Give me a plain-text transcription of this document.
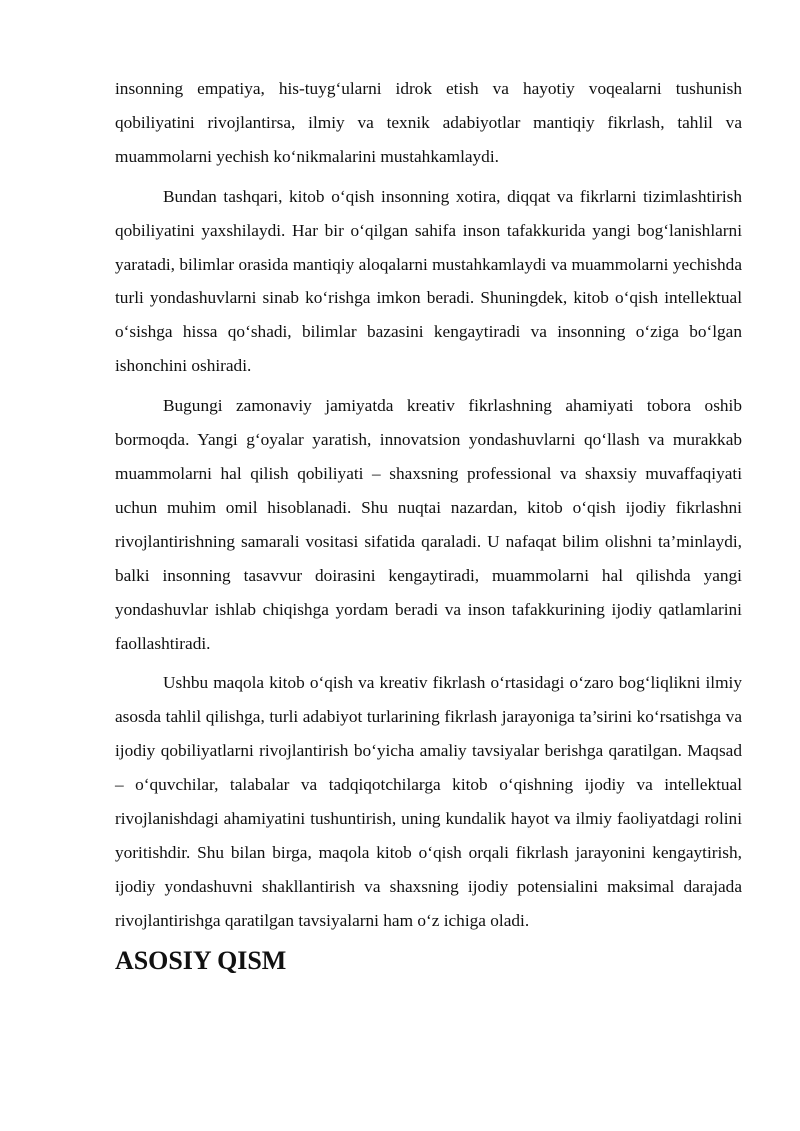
insonning empatiya, his-tuyg‘ularni idrok etish va hayotiy voqealarni tushunish qobiliyatini rivojlantirsa, ilmiy va texnik adabiyotlar mantiqiy fikrlash, tahlil va muammolarni yechish ko‘nikmalarini mustahkamlaydi.

Bundan tashqari, kitob o‘qish insonning xotira, diqqat va fikrlarni tizimlashtirish qobiliyatini yaxshilaydi. Har bir o‘qilgan sahifa inson tafakkurida yangi bog‘lanishlarni yaratadi, bilimlar orasida mantiqiy aloqalarni mustahkamlaydi va muammolarni yechishda turli yondashuvlarni sinab ko‘rishga imkon beradi. Shuningdek, kitob o‘qish intellektual o‘sishga hissa qo‘shadi, bilimlar bazasini kengaytiradi va insonning o‘ziga bo‘lgan ishonchini oshiradi.

Bugungi zamonaviy jamiyatda kreativ fikrlashning ahamiyati tobora oshib bormoqda. Yangi g‘oyalar yaratish, innovatsion yondashuvlarni qo‘llash va murakkab muammolarni hal qilish qobiliyati – shaxsning professional va shaxsiy muvaffaqiyati uchun muhim omil hisoblanadi. Shu nuqtai nazardan, kitob o‘qish ijodiy fikrlashni rivojlantirishning samarali vositasi sifatida qaraladi. U nafaqat bilim olishni ta’minlaydi, balki insonning tasavvur doirasini kengaytiradi, muammolarni hal qilishda yangi yondashuvlar ishlab chiqishga yordam beradi va inson tafakkurining ijodiy qatlamlarini faollashtiradi.

Ushbu maqola kitob o‘qish va kreativ fikrlash o‘rtasidagi o‘zaro bog‘liqlikni ilmiy asosda tahlil qilishga, turli adabiyot turlarining fikrlash jarayoniga ta’sirini ko‘rsatishga va ijodiy qobiliyatlarni rivojlantirish bo‘yicha amaliy tavsiyalar berishga qaratilgan. Maqsad – o‘quvchilar, talabalar va tadqiqotchilarga kitob o‘qishning ijodiy va intellektual rivojlanishdagi ahamiyatini tushuntirish, uning kundalik hayot va ilmiy faoliyatdagi rolini yoritishdir. Shu bilan birga, maqola kitob o‘qish orqali fikrlash jarayonini kengaytirish, ijodiy yondashuvni shakllantirish va shaxsning ijodiy potensialini maksimal darajada rivojlantirishga qaratilgan tavsiyalarni ham o‘z ichiga oladi.

ASOSIY QISM
